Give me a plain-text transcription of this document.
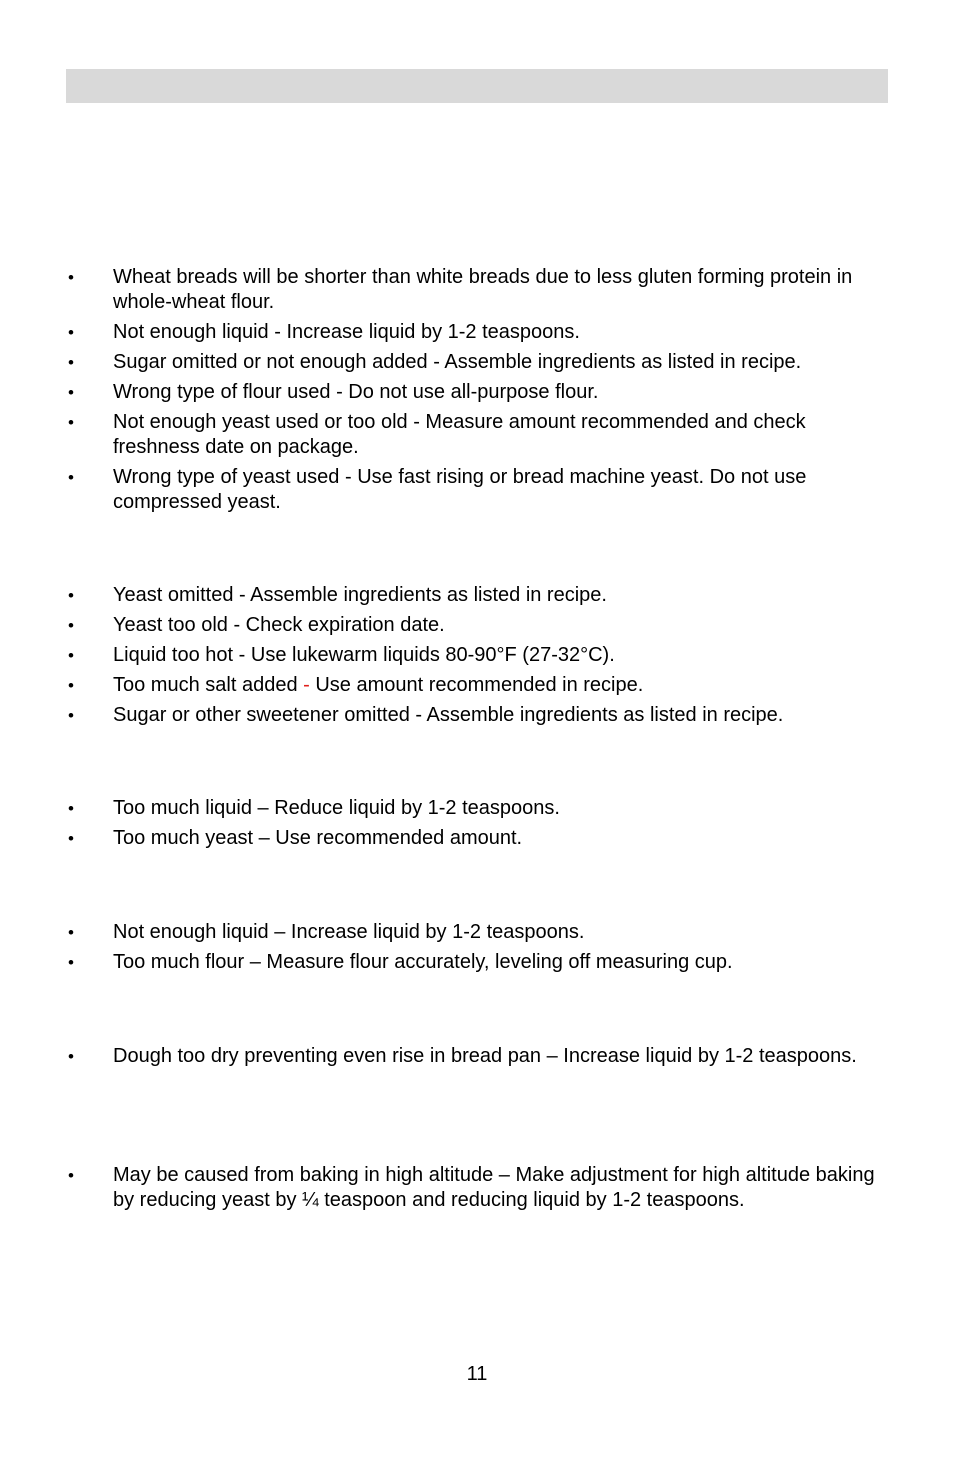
•	Wheat breads will be shorter than white breads due to less gluten forming protein in whole-wheat flour.
•	Not enough liquid - Increase liquid by 1-2 teaspoons.
•	Sugar omitted or not enough added - Assemble ingredients as listed in recipe.
•	Wrong type of flour used - Do not use all-purpose flour.
•	Not enough yeast used or too old - Measure amount recommended and check freshness date on package.
•	Wrong type of yeast used - Use fast rising or bread machine yeast. Do not use compressed yeast.
•	Yeast omitted - Assemble ingredients as listed in recipe.
•	Yeast too old - Check expiration date.
•	Liquid too hot - Use lukewarm liquids 80-90°F (27-32°C).
•	Too much salt added - Use amount recommended in recipe.
•	Sugar or other sweetener omitted - Assemble ingredients as listed in recipe.
•	Too much liquid – Reduce liquid by 1-2 teaspoons.
•	Too much yeast – Use recommended amount.
•	Not enough liquid – Increase liquid by 1-2 teaspoons.
•	Too much flour – Measure flour accurately, leveling off measuring cup.
•	Dough too dry preventing even rise in bread pan – Increase liquid by 1-2 teaspoons.
•	May be caused from baking in high altitude – Make adjustment for high altitude baking by reducing yeast by ¼ teaspoon and reducing liquid by 1-2 teaspoons.
11
